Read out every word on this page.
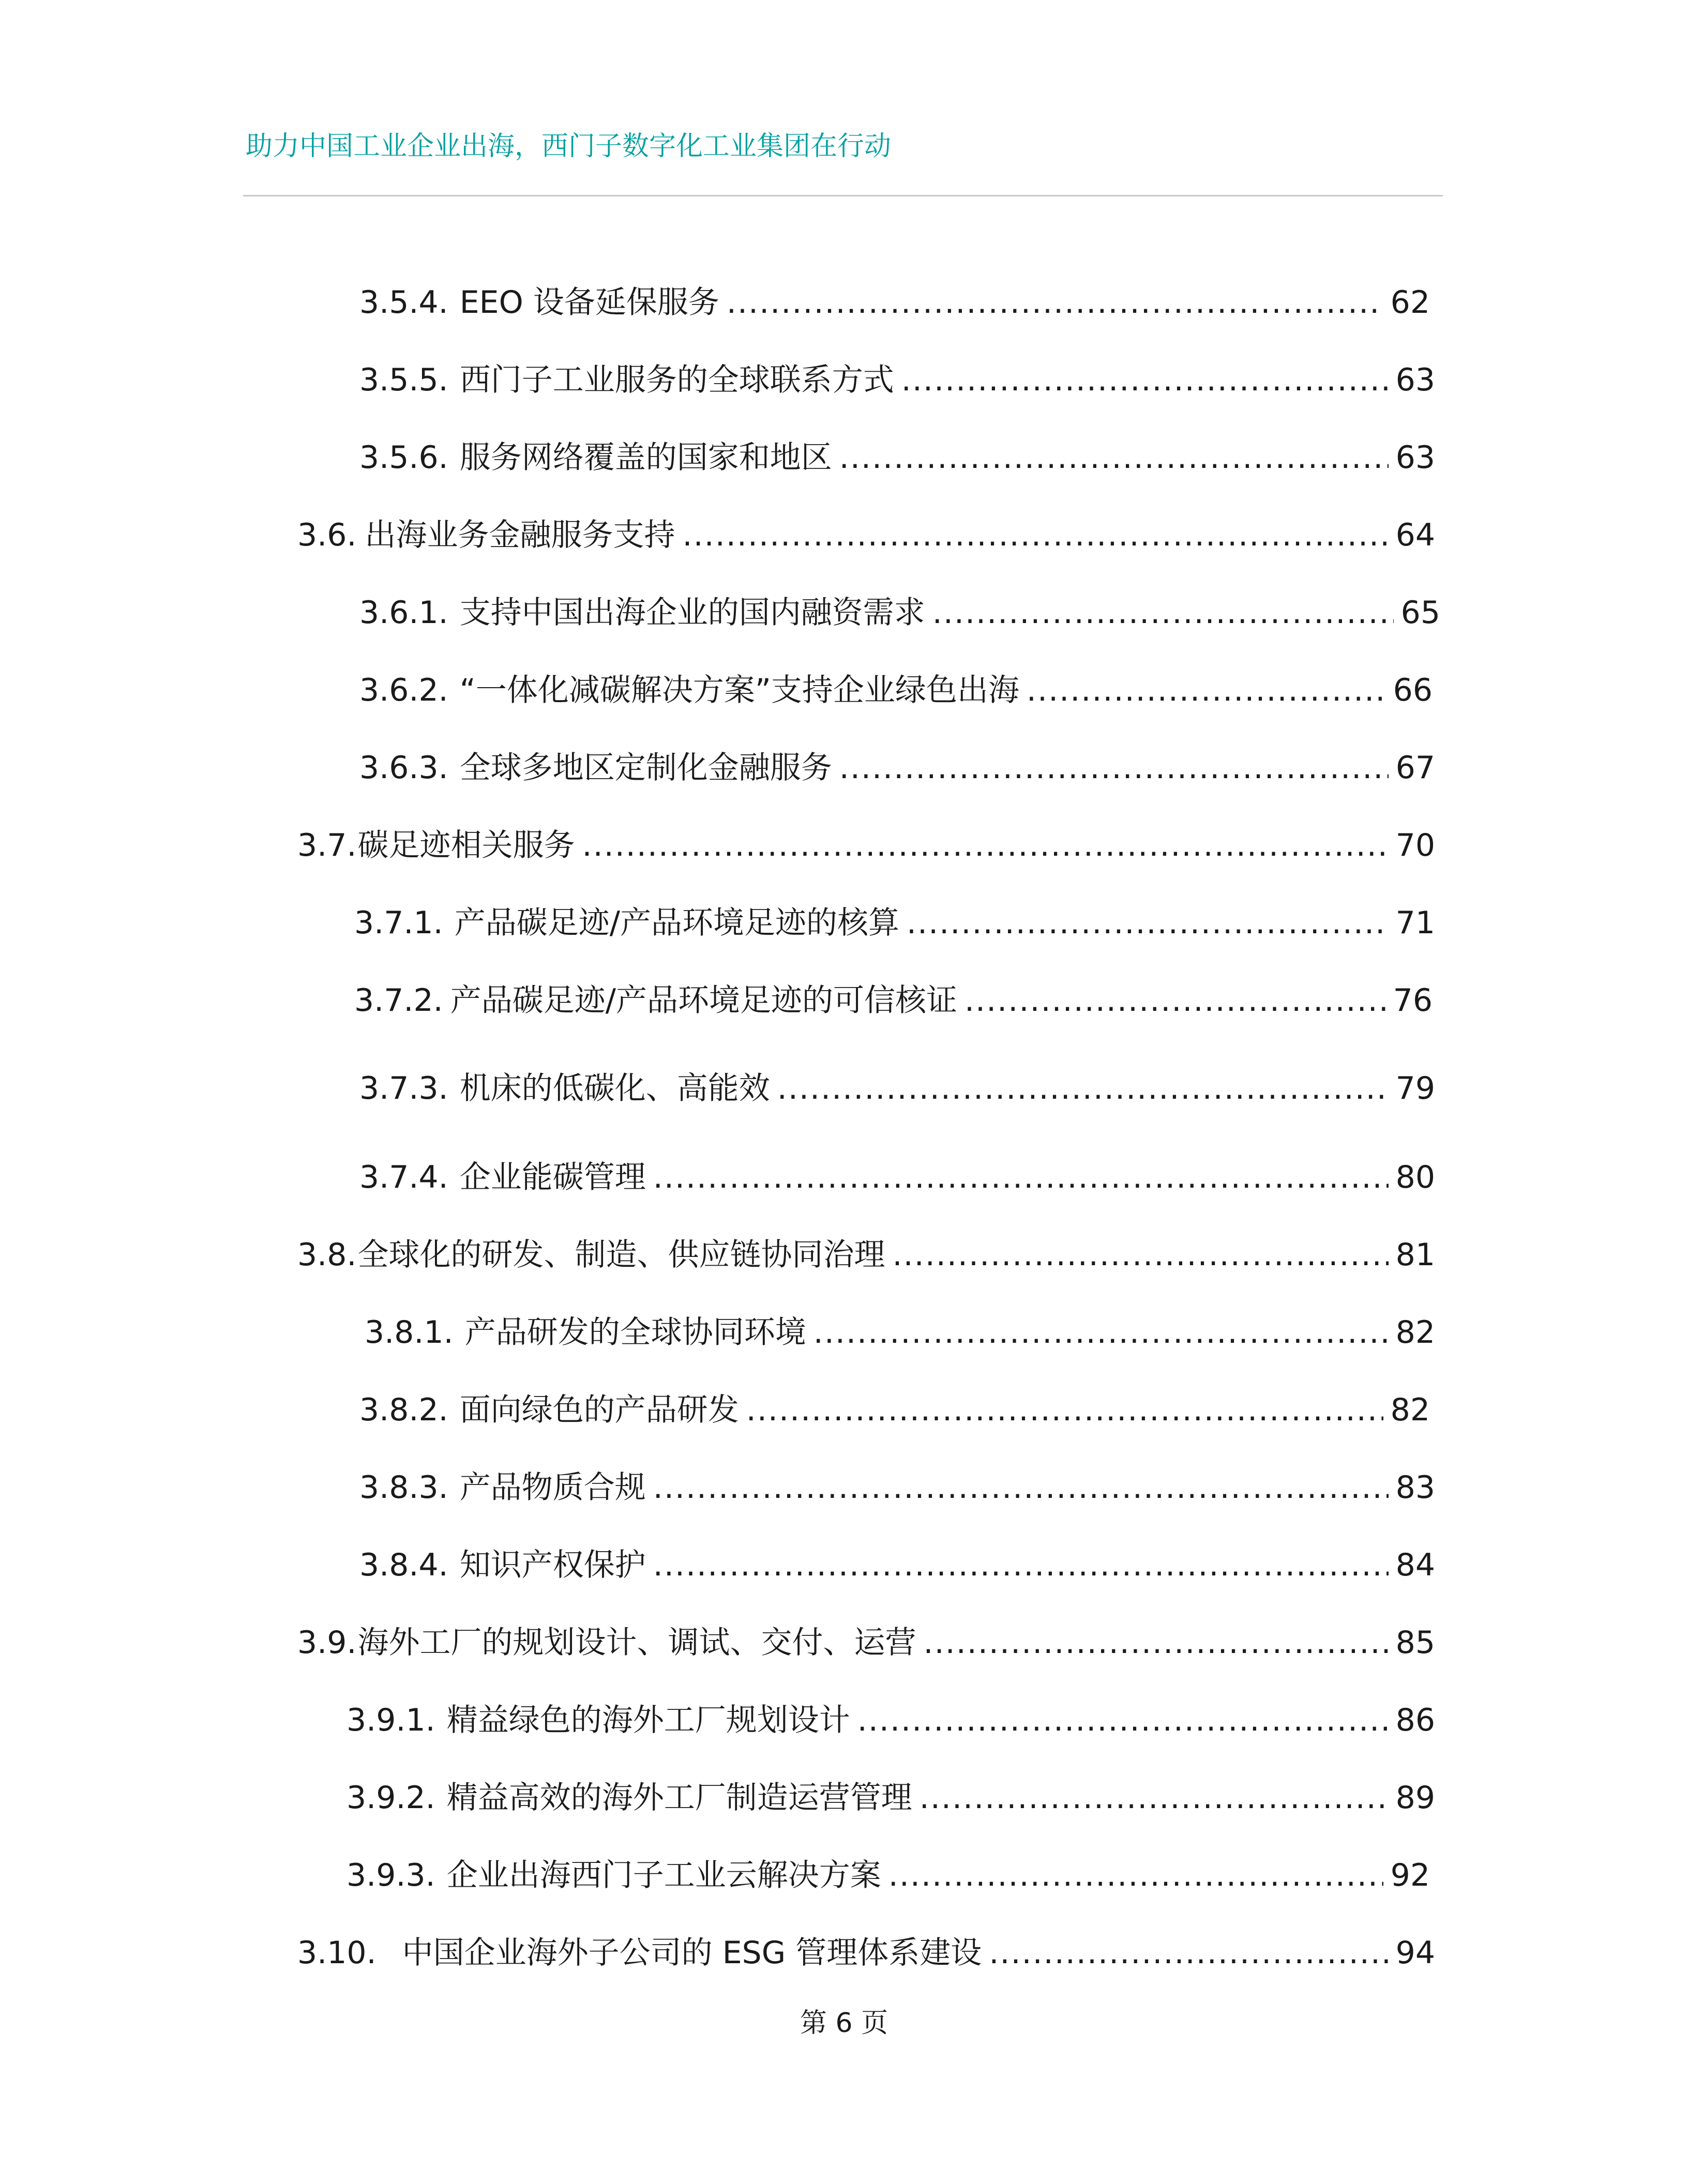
助力中国工业企业出海，西门子数字化工业集团在行动
3.5.4. EEO 设备延保服务 .....	62
3.5.5. 西门子工业服务的全球联系方式 .....	63
3.5.6. 服务网络覆盖的国家和地区 .....	63
3.6. 出海业务金融服务支持 .....	64
3.6.1. 支持中国出海企业的国内融资需求 .....	65
3.6.2. “一体化减碳解决方案”支持企业绿色出海 .....	66
3.6.3. 全球多地区定制化金融服务 .....	67
3.7. 碳足迹相关服务 .....	70
3.7.1. 产品碳足迹/产品环境足迹的核算 .....	71
3.7.2. 产品碳足迹/产品环境足迹的可信核证 .....	76
3.7.3. 机床的低碳化、高能效 .....	79
3.7.4. 企业能碳管理 .....	80
3.8. 全球化的研发、制造、供应链协同治理 .....	81
3.8.1. 产品研发的全球协同环境 .....	82
3.8.2. 面向绿色的产品研发 .....	82
3.8.3. 产品物质合规 .....	83
3.8.4. 知识产权保护 .....	84
3.9. 海外工厂的规划设计、调试、交付、运营 .....	85
3.9.1. 精益绿色的海外工厂规划设计 .....	86
3.9.2. 精益高效的海外工厂制造运营管理 .....	89
3.9.3. 企业出海西门子工业云解决方案 .....	92
3.10. 中国企业海外子公司的 ESG 管理体系建设 .....	94
第 6 页
